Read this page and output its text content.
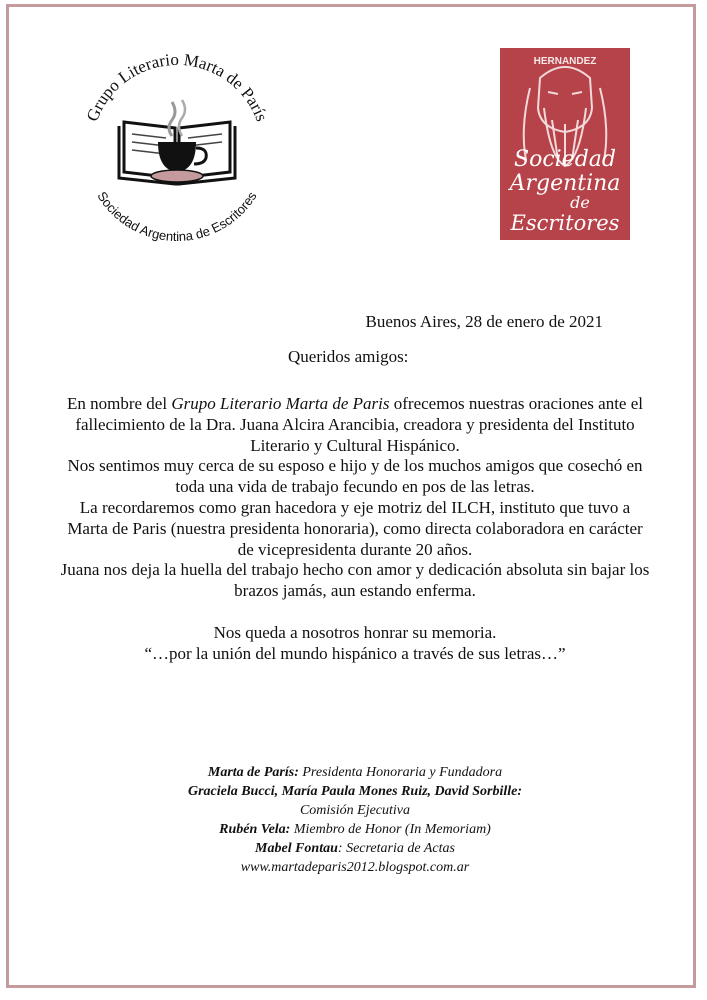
Grupo Literario Marta de París
Sociedad Argentina de Escritores
HERNANDEZ
Sociedad
Argentina
de
Escritores
Buenos Aires, 28 de enero de 2021
Queridos amigos:

En nombre del Grupo Literario Marta de Paris ofrecemos nuestras oraciones ante el fallecimiento de la Dra. Juana Alcira Arancibia, creadora y presidenta del Instituto Literario y Cultural Hispánico.

Nos sentimos muy cerca de su esposo e hijo y de los muchos amigos que cosechó en toda una vida de trabajo fecundo en pos de las letras.

La recordaremos como gran hacedora y eje motriz del ILCH, instituto que tuvo a Marta de Paris (nuestra presidenta honoraria), como directa colaboradora en carácter de vicepresidenta durante 20 años.

Juana nos deja la huella del trabajo hecho con amor y dedicación absoluta sin bajar los brazos jamás, aun estando enferma.

Nos queda a nosotros honrar su memoria.

“…por la unión del mundo hispánico a través de sus letras…”

Marta de París: Presidenta Honoraria y Fundadora
Graciela Bucci, María Paula Mones Ruiz, David Sorbille:
Comisión Ejecutiva
Rubén Vela: Miembro de Honor (In Memoriam)
Mabel Fontau: Secretaria de Actas
www.martadeparis2012.blogspot.com.ar
